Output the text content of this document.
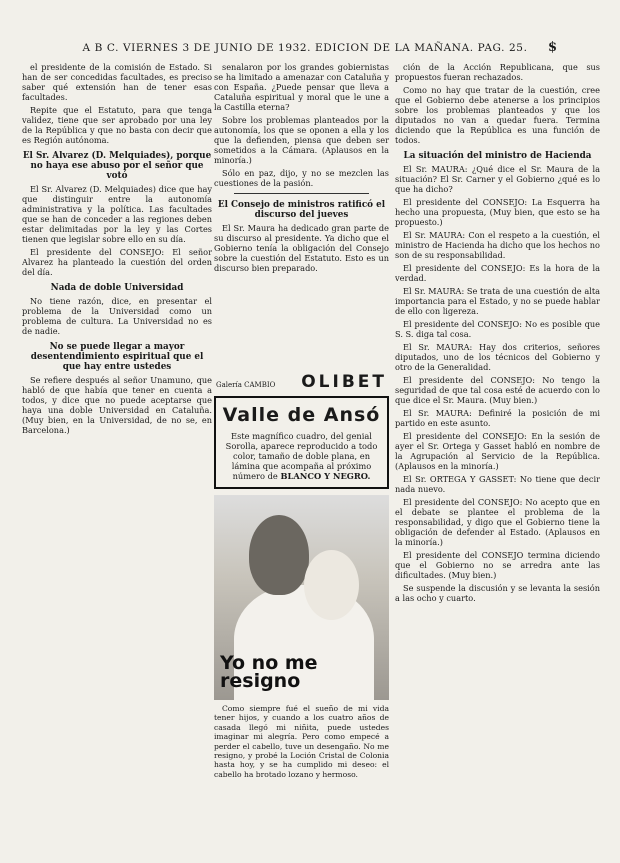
A B C. VIERNES 3 DE JUNIO DE 1932. EDICION DE LA MAÑANA. PAG. 25.	$

el presidente de la comisión de Estado. Si han de ser concedidas facultades, es preciso saber qué extensión han de tener esas facultades.

Repite que el Estatuto, para que tenga validez, tiene que ser aprobado por una ley de la República y que no basta con decir que es Región autónoma.

El Sr. Alvarez (D. Melquiades), porque no haya ese abuso por el señor que votó

El Sr. Alvarez (D. Melquiades) dice que hay que distinguir entre la autonomía administrativa y la política. Las facultades que se han de conceder a las regiones deben estar delimitadas por la ley y las Cortes tienen que legislar sobre ello en su día.

El presidente del CONSEJO: El señor Alvarez ha planteado la cuestión del orden del día.

Nada de doble Universidad

No tiene razón, dice, en presentar el problema de la Universidad como un problema de cultura. La Universidad no es de nadie.

No se puede llegar a mayor desentendimiento espiritual que el que hay entre ustedes

Se refiere después al señor Unamuno, que habló de que había que tener en cuenta a todos, y dice que no puede aceptarse que haya una doble Universidad en Cataluña. (Muy bien, en la Universidad, de no se, en Barcelona.)

senalaron por los grandes gobiernistas se ha limitado a amenazar con Cataluña y con España. ¿Puede pensar que lleva a Cataluña espiritual y moral que le une a la Castilla eterna?

Sobre los problemas planteados por la autonomía, los que se oponen a ella y los que la defienden, piensa que deben ser sometidos a la Cámara. (Aplausos en la minoría.)

Sólo en paz, dijo, y no se mezclen las cuestiones de la pasión.

El Consejo de ministros ratificó el discurso del jueves

El Sr. Maura ha dedicado gran parte de su discurso al presidente. Ya dicho que el Gobierno tenía la obligación del Consejo sobre la cuestión del Estatuto. Esto es un discurso bien preparado.

Galería CAMBIO OLIBET
Valle de Ansó
Este magnífico cuadro, del genial Sorolla, aparece reproducido a todo color, tamaño de doble plana, en lámina que acompaña al próximo número de BLANCO Y NEGRO.
Yo no me
resigno
Como siempre fué el sueño de mi vida tener hijos, y cuando a los cuatro años de casada llegó mi niñita, puede ustedes imaginar mi alegría. Pero como empecé a perder el cabello, tuve un desengaño. No me resigno, y probé la Loción Cristal de Colonia hasta hoy, y se ha cumplido mi deseo: el cabello ha brotado lozano y hermoso.

ción de la Acción Republicana, que sus propuestos fueran rechazados.

Como no hay que tratar de la cuestión, cree que el Gobierno debe atenerse a los principios sobre los problemas planteados y que los diputados no van a quedar fuera. Termina diciendo que la República es una función de todos.

La situación del ministro de Hacienda

El Sr. MAURA: ¿Qué dice el Sr. Maura de la situación? El Sr. Carner y el Gobierno ¿qué es lo que ha dicho?

El presidente del CONSEJO: La Esquerra ha hecho una propuesta, (Muy bien, que esto se ha propuesto.)

El Sr. MAURA: Con el respeto a la cuestión, el ministro de Hacienda ha dicho que los hechos no son de su responsabilidad.

El presidente del CONSEJO: Es la hora de la verdad.

El Sr. MAURA: Se trata de una cuestión de alta importancia para el Estado, y no se puede hablar de ello con ligereza.

El presidente del CONSEJO: No es posible que S. S. diga tal cosa.

El Sr. MAURA: Hay dos criterios, señores diputados, uno de los técnicos del Gobierno y otro de la Generalidad.

El presidente del CONSEJO: No tengo la seguridad de que tal cosa esté de acuerdo con lo que dice el Sr. Maura. (Muy bien.)

El Sr. MAURA: Definiré la posición de mi partido en este asunto.

El presidente del CONSEJO: En la sesión de ayer el Sr. Ortega y Gasset habló en nombre de la Agrupación al Servicio de la República. (Aplausos en la minoría.)

El Sr. ORTEGA Y GASSET: No tiene que decir nada nuevo.

El presidente del CONSEJO: No acepto que en el debate se plantee el problema de la responsabilidad, y digo que el Gobierno tiene la obligación de defender al Estado. (Aplausos en la minoría.)

El presidente del CONSEJO termina diciendo que el Gobierno no se arredra ante las dificultades. (Muy bien.)

Se suspende la discusión y se levanta la sesión a las ocho y cuarto.
